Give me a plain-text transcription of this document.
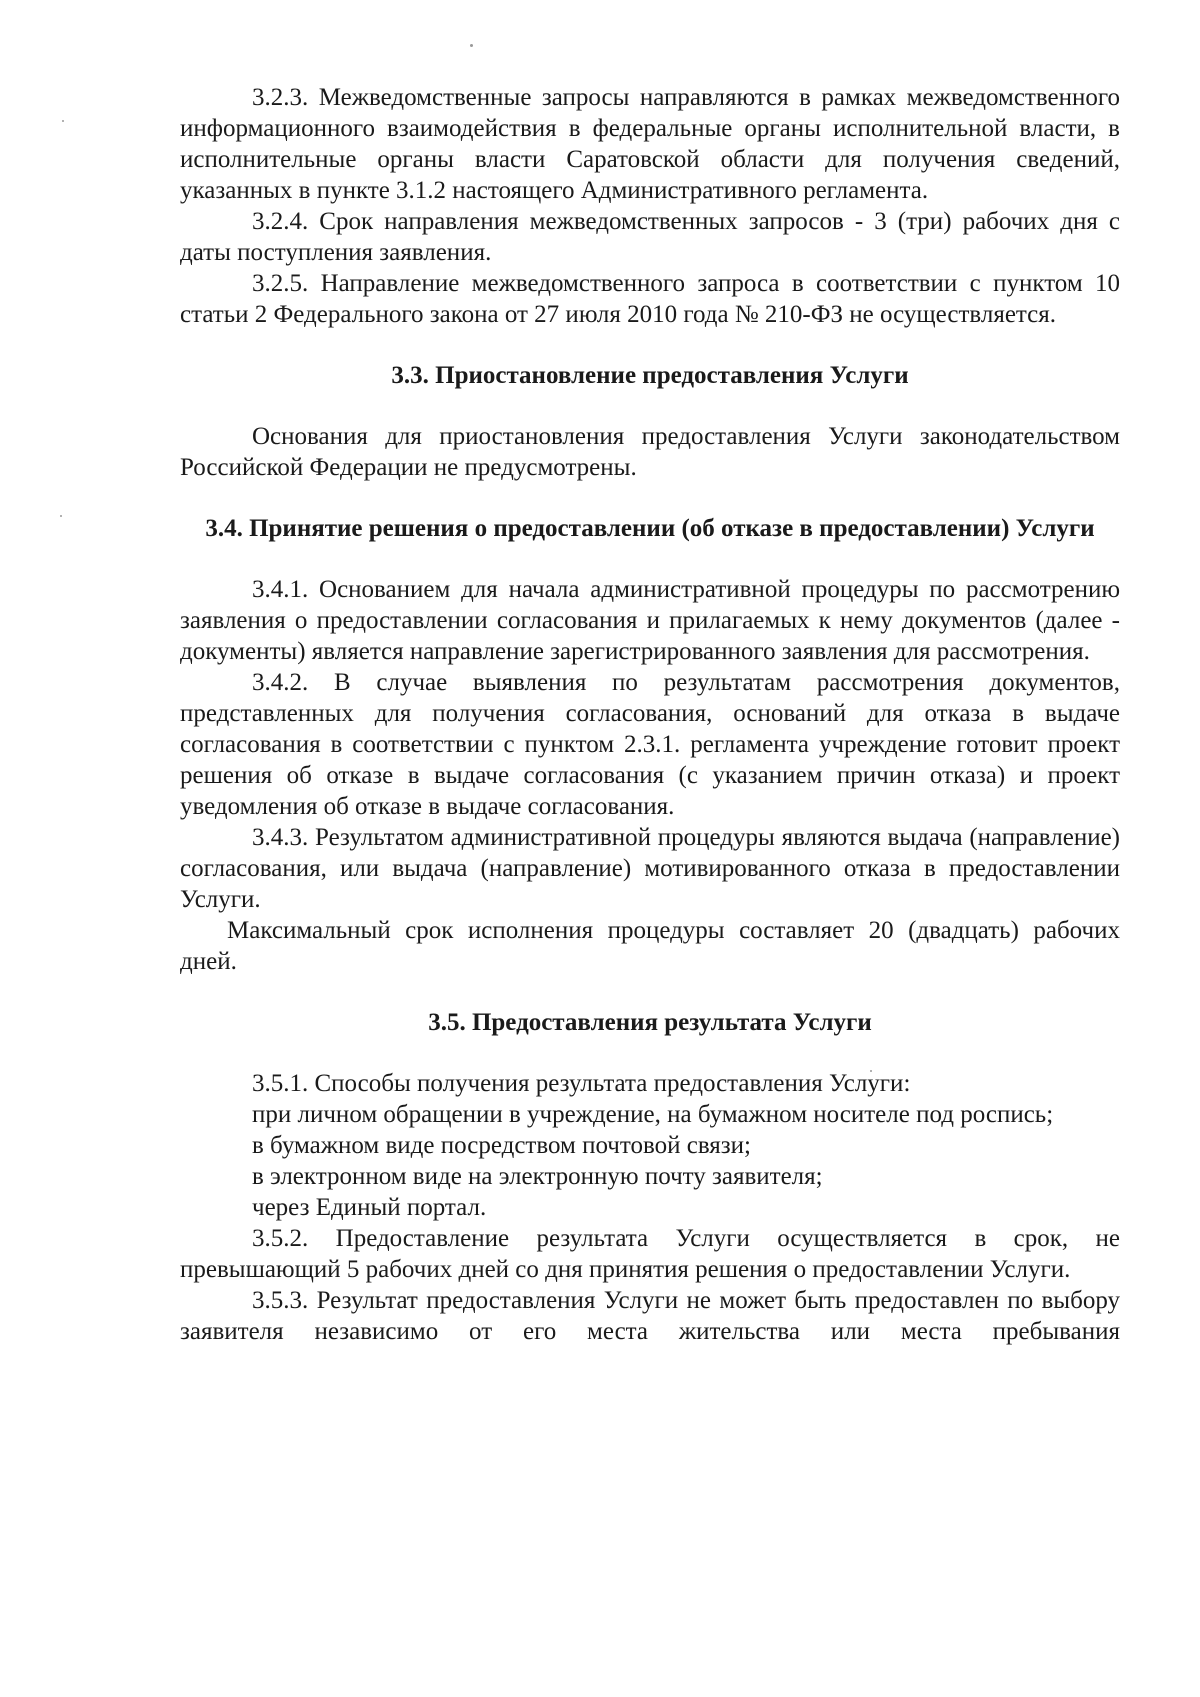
3.2.3. Межведомственные запросы направляются в рамках межведомственного информационного взаимодействия в федеральные органы исполнительной власти, в исполнительные органы власти Саратовской области для получения сведений, указанных в пункте 3.1.2 настоящего Административного регламента.

3.2.4. Срок направления межведомственных запросов - 3 (три) рабочих дня с даты поступления заявления.

3.2.5. Направление межведомственного запроса в соответствии с пунктом 10 статьи 2 Федерального закона от 27 июля 2010 года № 210-ФЗ не осуществляется.

3.3. Приостановление предоставления Услуги

Основания для приостановления предоставления Услуги законодательством Российской Федерации не предусмотрены.

3.4. Принятие решения о предоставлении (об отказе в предоставлении) Услуги

3.4.1. Основанием для начала административной процедуры по рассмотрению заявления о предоставлении согласования и прилагаемых к нему документов (далее - документы) является направление зарегистрированного заявления для рассмотрения.

3.4.2. В случае выявления по результатам рассмотрения документов, представленных для получения согласования, оснований для отказа в выдаче согласования в соответствии с пунктом 2.3.1. регламента учреждение готовит проект решения об отказе в выдаче согласования (с указанием причин отказа) и проект уведомления об отказе в выдаче согласования.

3.4.3. Результатом административной процедуры являются выдача (направление) согласования, или выдача (направление) мотивированного отказа в предоставлении Услуги.

Максимальный срок исполнения процедуры составляет 20 (двадцать) рабочих дней.

3.5. Предоставления результата Услуги

3.5.1. Способы получения результата предоставления Услуги:

при личном обращении в учреждение, на бумажном носителе под роспись;

в бумажном виде посредством почтовой связи;

в электронном виде на электронную почту заявителя;

через Единый портал.

3.5.2. Предоставление результата Услуги осуществляется в срок, не превышающий 5 рабочих дней со дня принятия решения о предоставлении Услуги.

3.5.3. Результат предоставления Услуги не может быть предоставлен по выбору заявителя независимо от его места жительства или места пребывания
